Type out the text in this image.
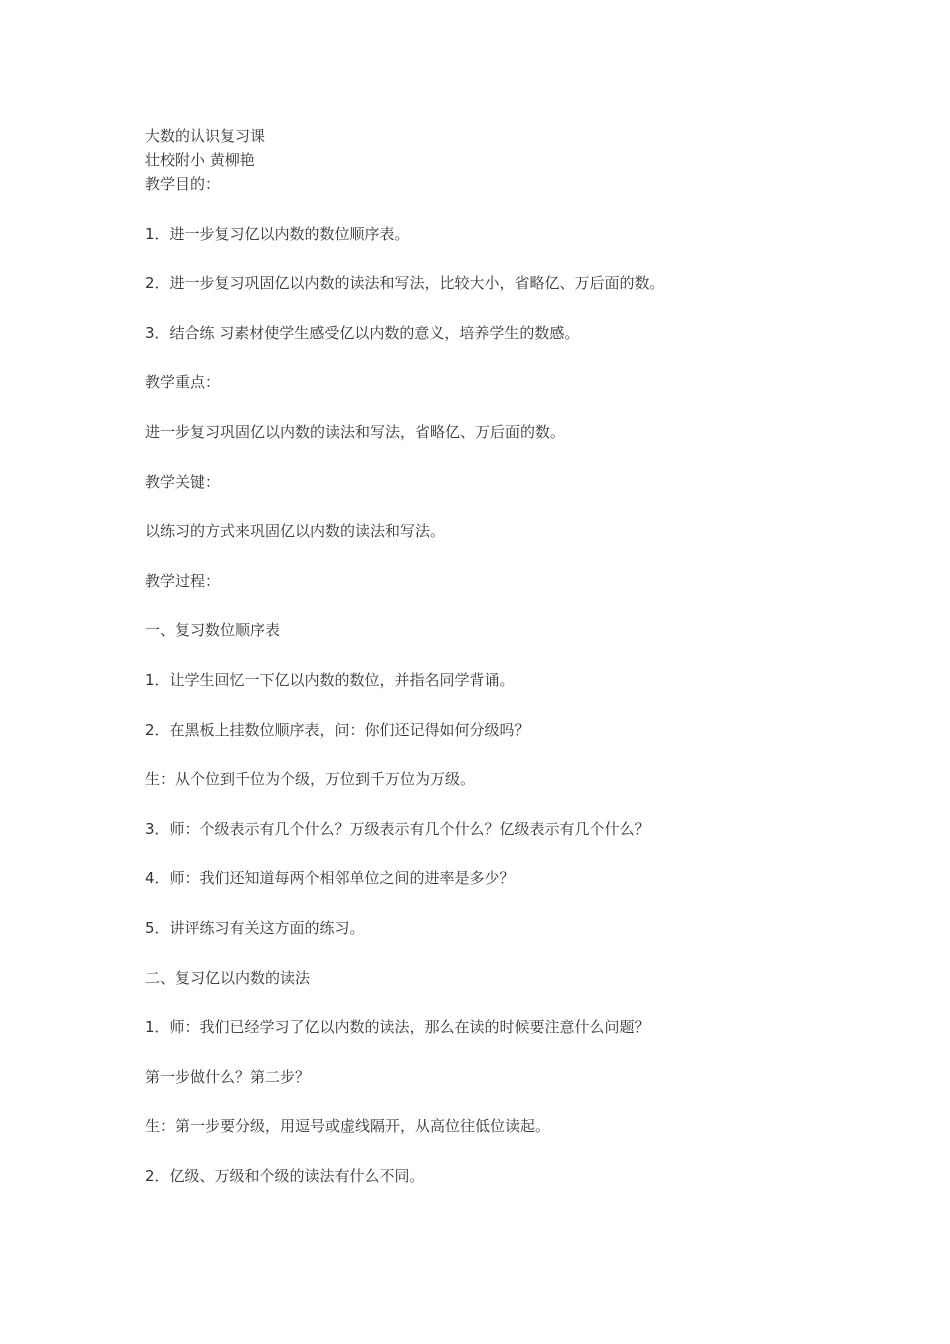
大数的认识复习课
壮校附小 黄柳艳
教学目的：
1．进一步复习亿以内数的数位顺序表。
2．进一步复习巩固亿以内数的读法和写法，比较大小，省略亿、万后面的数。
3．结合练 习素材使学生感受亿以内数的意义，培养学生的数感。
教学重点：
进一步复习巩固亿以内数的读法和写法，省略亿、万后面的数。
教学关键：
以练习的方式来巩固亿以内数的读法和写法。
教学过程：
一、复习数位顺序表
1．让学生回忆一下亿以内数的数位，并指名同学背诵。
2．在黑板上挂数位顺序表，问：你们还记得如何分级吗？
生：从个位到千位为个级，万位到千万位为万级。
3．师：个级表示有几个什么？万级表示有几个什么？亿级表示有几个什么？
4．师：我们还知道每两个相邻单位之间的进率是多少？
5．讲评练习有关这方面的练习。
二、复习亿以内数的读法
1．师：我们已经学习了亿以内数的读法，那么在读的时候要注意什么问题？
第一步做什么？第二步？
生：第一步要分级，用逗号或虚线隔开，从高位往低位读起。
2．亿级、万级和个级的读法有什么不同。
